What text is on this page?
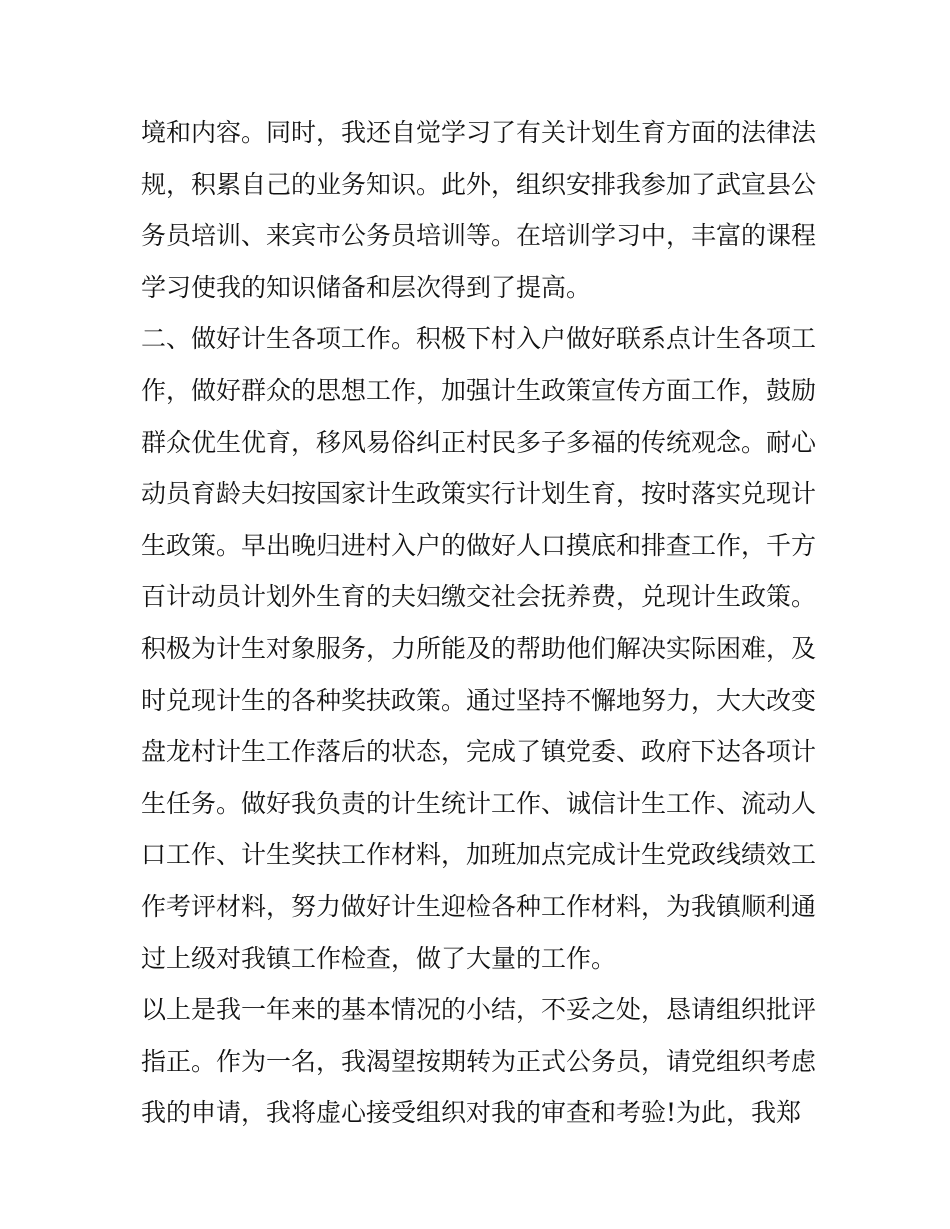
境和内容。同时，我还自觉学习了有关计划生育方面的法律法
规，积累自己的业务知识。此外，组织安排我参加了武宣县公
务员培训、来宾市公务员培训等。在培训学习中，丰富的课程
学习使我的知识储备和层次得到了提高。
二、做好计生各项工作。积极下村入户做好联系点计生各项工
作，做好群众的思想工作，加强计生政策宣传方面工作，鼓励
群众优生优育，移风易俗纠正村民多子多福的传统观念。耐心
动员育龄夫妇按国家计生政策实行计划生育，按时落实兑现计
生政策。早出晚归进村入户的做好人口摸底和排查工作，千方
百计动员计划外生育的夫妇缴交社会抚养费，兑现计生政策。
积极为计生对象服务，力所能及的帮助他们解决实际困难，及
时兑现计生的各种奖扶政策。通过坚持不懈地努力，大大改变
盘龙村计生工作落后的状态，完成了镇党委、政府下达各项计
生任务。做好我负责的计生统计工作、诚信计生工作、流动人
口工作、计生奖扶工作材料，加班加点完成计生党政线绩效工
作考评材料，努力做好计生迎检各种工作材料，为我镇顺利通
过上级对我镇工作检查，做了大量的工作。
以上是我一年来的基本情况的小结，不妥之处，恳请组织批评
指正。作为一名，我渴望按期转为正式公务员，请党组织考虑
我的申请，我将虚心接受组织对我的审查和考验!为此，我郑
